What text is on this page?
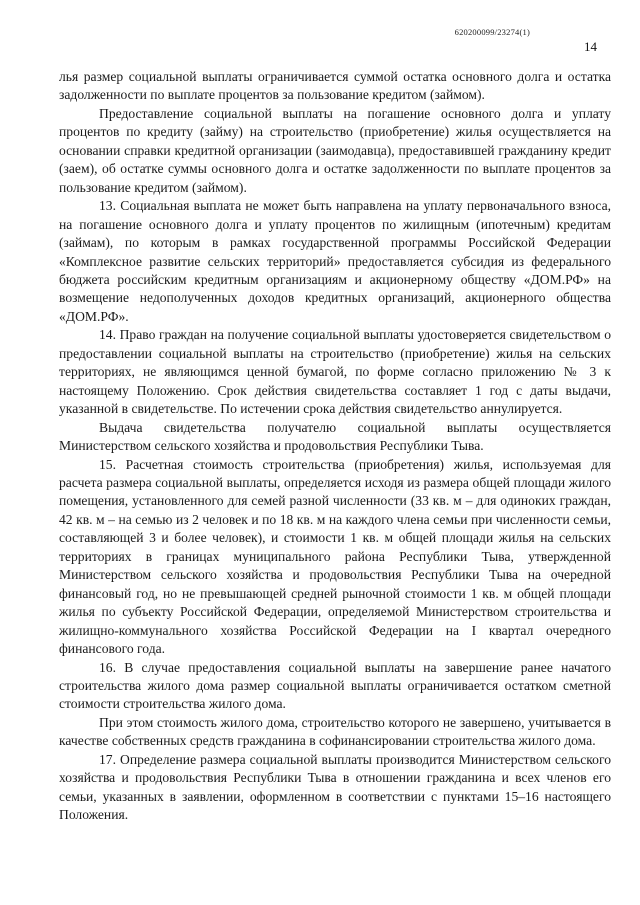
620200099/23274(1)
14

лья размер социальной выплаты ограничивается суммой остатка основного долга и остатка задолженности по выплате процентов за пользование кредитом (займом).

Предоставление социальной выплаты на погашение основного долга и уплату процентов по кредиту (займу) на строительство (приобретение) жилья осуществляется на основании справки кредитной организации (заимодавца), предоставившей гражданину кредит (заем), об остатке суммы основного долга и остатке задолженности по выплате процентов за пользование кредитом (займом).

13. Социальная выплата не может быть направлена на уплату первоначального взноса, на погашение основного долга и уплату процентов по жилищным (ипотечным) кредитам (займам), по которым в рамках государственной программы Российской Федерации «Комплексное развитие сельских территорий» предоставляется субсидия из федерального бюджета российским кредитным организациям и акционерному обществу «ДОМ.РФ» на возмещение недополученных доходов кредитных организаций, акционерного общества «ДОМ.РФ».

14. Право граждан на получение социальной выплаты удостоверяется свидетельством о предоставлении социальной выплаты на строительство (приобретение) жилья на сельских территориях, не являющимся ценной бумагой, по форме согласно приложению № 3 к настоящему Положению. Срок действия свидетельства составляет 1 год с даты выдачи, указанной в свидетельстве. По истечении срока действия свидетельство аннулируется.

Выдача свидетельства получателю социальной выплаты осуществляется Министерством сельского хозяйства и продовольствия Республики Тыва.

15. Расчетная стоимость строительства (приобретения) жилья, используемая для расчета размера социальной выплаты, определяется исходя из размера общей площади жилого помещения, установленного для семей разной численности (33 кв. м – для одиноких граждан, 42 кв. м – на семью из 2 человек и по 18 кв. м на каждого члена семьи при численности семьи, составляющей 3 и более человек), и стоимости 1 кв. м общей площади жилья на сельских территориях в границах муниципального района Республики Тыва, утвержденной Министерством сельского хозяйства и продовольствия Республики Тыва на очередной финансовый год, но не превышающей средней рыночной стоимости 1 кв. м общей площади жилья по субъекту Российской Федерации, определяемой Министерством строительства и жилищно-коммунального хозяйства Российской Федерации на I квартал очередного финансового года.

16. В случае предоставления социальной выплаты на завершение ранее начатого строительства жилого дома размер социальной выплаты ограничивается остатком сметной стоимости строительства жилого дома.

При этом стоимость жилого дома, строительство которого не завершено, учитывается в качестве собственных средств гражданина в софинансировании строительства жилого дома.

17. Определение размера социальной выплаты производится Министерством сельского хозяйства и продовольствия Республики Тыва в отношении гражданина и всех членов его семьи, указанных в заявлении, оформленном в соответствии с пунктами 15–16 настоящего Положения.
